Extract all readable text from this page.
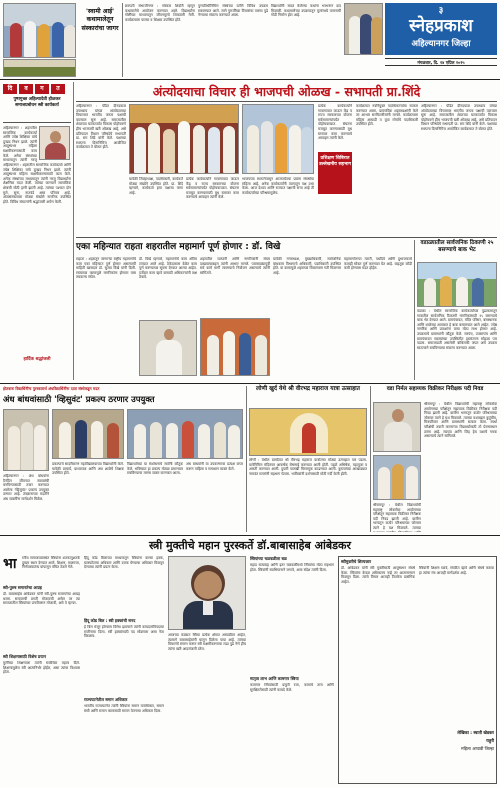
'स्वामी आई' कथामालेतून संस्कारांचा जागर
छत्रपती संभाजीनगर : संस्कार शिदोरी म्हणून कथामालेचे आयोजन करण्यात आले. विद्यार्थ्यांना गोष्टींच्या माध्यमातून जीवनमूल्ये शिकवली गेली. कार्यक्रमाला पालक व शिक्षक उपस्थित होते.
पुण्यतिथीनिमित्त संस्थेच्या वतीने विविध उपक्रम राबवण्यात आले. साने गुरुजींच्या विचारांचा वारसा पुढे नेण्याचा संकल्प करण्यात आला.
विद्यार्थ्यांनी सादर केलेल्या कथांना भरभरून दाद मिळाली. कथामालेच्या उपक्रमातून मुलांमध्ये वाचनाची गोडी निर्माण होत आहे.	३
स्नेहप्रकाश
अहिल्यानगर जिल्हा
मंगळवार, दि. १४ एप्रिल २०२५
दि	व	ग	त
पुष्पगुच्छ अहिल्यादेवी होळकर समाजप्रबोधन स्त्री कार्यकर्ता
अहिल्यानगर : शहरातील सामाजिक कार्यकर्त्या आणि ज्येष्ठ शिक्षिका यांचे दुःखद निधन झाले. त्यांनी आयुष्यभर महिला सक्षमीकरणासाठी काम केले. अनेक संस्थांच्या माध्यमातून त्यांनी गरजू
अहिल्यानगर : शहरातील सामाजिक कार्यकर्त्या आणि ज्येष्ठ शिक्षिका यांचे दुःखद निधन झाले. त्यांनी आयुष्यभर महिला सक्षमीकरणासाठी काम केले. अनेक संस्थांच्या माध्यमातून त्यांनी गरजू विद्यार्थ्यांना शैक्षणिक मदत केली. त्यांच्या जाण्याने सामाजिक क्षेत्राची मोठी हानी झाली आहे. त्यांच्या पश्चात दोन मुले, सुना, नातवंडे असा परिवार आहे. अंत्यसंस्काराला मोठ्या संख्येने नागरिक उपस्थित होते. विविध संघटनांनी श्रद्धांजली अर्पण केली.
हार्दिक श्रद्धांजली
अंत्योदयाचा विचार ही भाजपची ओळख - सभापती प्रा.शिंदे
अहिल्यानगर : पंडित दीनदयाळ उपाध्याय यांच्या अंत्योदयाच्या विचारावर भारतीय जनता पक्षाची वाटचाल सुरू आहे. समाजातील शेवटच्या घटकापर्यंत विकास पोहोचवणे हीच भाजपची खरी ओळख आहे, असे प्रतिपादन विधान परिषदेचे सभापती प्रा. राम शिंदे यांनी केले. पक्षाच्या स्थापना दिनानिमित्त आयोजित कार्यक्रमात ते बोलत होते.
यावेळी जिल्हाध्यक्ष, पदाधिकारी, कार्यकर्ते मोठ्या संख्येने उपस्थित होते. प्रा. शिंदे म्हणाले, कार्यकर्ता हाच पक्षाचा कणा आहे.
प्रत्येक कार्यकर्त्याने गावागावात जाऊन केंद्र व राज्य सरकारच्या योजना सर्वसामान्यांपर्यंत पोहोचवाव्यात. संघटना मजबूत करण्यासाठी बूथ स्तरावर काम करण्याचे आवाहन त्यांनी केले.
भाजपच्या स्थापनेपासून आजपर्यंतचा प्रवास संघर्षाचा राहिला आहे. अनेक कार्यकर्त्यांनी त्यागातून पक्ष उभा केला. आज देशात आणि राज्यात पक्षाची सत्ता आहे ती कार्यकर्त्यांच्या परिश्रमामुळेच.
प्रशिक्षण शिबिरात उल्लेखनीय सहभाग
कार्यक्रमात नवनियुक्त पदाधिकाऱ्यांचा सत्कार करण्यात आला. प्रास्ताविक शहराध्यक्षांनी केले तर आभार सरचिटणीसांनी मानले. कार्यक्रमाला महिला आघाडी व युवा मोर्चाचे पदाधिकारी उपस्थित होते.
अहिल्यानगर : पंडित दीनदयाळ उपाध्याय यांच्या अंत्योदयाच्या विचारावर भारतीय जनता पक्षाची वाटचाल सुरू आहे. समाजातील शेवटच्या घटकापर्यंत विकास पोहोचवणे हीच भाजपची खरी ओळख आहे, असे प्रतिपादन विधान परिषदेचे सभापती प्रा. राम शिंदे यांनी केले. पक्षाच्या स्थापना दिनानिमित्त आयोजित कार्यक्रमात ते बोलत होते.
प्रत्येक कार्यकर्त्याने गावागावात जाऊन केंद्र व राज्य सरकारच्या योजना सर्वसामान्यांपर्यंत पोहोचवाव्यात. संघटना मजबूत करण्यासाठी बूथ स्तरावर काम करण्याचे आवाहन त्यांनी केले.
एका महिन्यात राहता शहरातील महामार्ग पूर्ण होणार : डॉ. विखे
राहाता : शहरातून जाणाऱ्या राष्ट्रीय महामार्गाचे काम एका महिन्यात पूर्ण होणार असल्याची माहिती खासदार डॉ. सुजय विखे यांनी दिली. रस्त्याच्या कामामुळे नागरिकांना होणारा त्रास लवकरच संपेल.
डॉ. विखे म्हणाले, महामार्गाचे काम अंतिम टप्प्यात आले आहे. ठेकेदाराला वेळेत काम पूर्ण करण्याच्या सूचना देण्यात आल्या आहेत. दर्जेदार काम व्हावे यासाठी अधिकाऱ्यांनी लक्ष ठेवावे.
शहरातील व्यापारी आणि नागरिकांनी संयम दाखवल्याबद्दल त्यांनी आभार मानले. पावसाळ्यापूर्वी सर्व कामे मार्गी लावण्याचे नियोजन असल्याचे त्यांनी सांगितले.
यावेळी नगराध्यक्ष, मुख्याधिकारी, सार्वजनिक बांधकाम विभागाचे अधिकारी, पदाधिकारी उपस्थित होते. या कामामुळे शहराच्या विकासाला गती मिळणार आहे.
महामार्गालगत गटारी, पथदिवे आणि दुभाजकाचे कामही सोबत पूर्ण करण्यात येत आहे. वाहतूक कोंडी कमी होण्यास मदत होईल.
वडाळ्यातील सार्वजनिक ठिकाणी २५ बसण्याचे बाक भेट
वडाळा : येथील सामाजिक कार्यकर्त्यांच्या पुढाकारातून गावातील सार्वजनिक ठिकाणी नागरिकांसाठी २५ बसण्याचे बाक भेट देण्यात आले. ग्रामपंचायत, मंदिर परिसर, बसस्थानक आणि शाळेच्या आवारात हे बाक बसवण्यात आले आहेत. ज्येष्ठ नागरिक आणि प्रवाशांना याचा मोठा लाभ होणार आहे. उपक्रमाचे ग्रामस्थांनी कौतुक केले. सरपंच, उपसरपंच आणि ग्रामपंचायत सदस्यांच्या उपस्थितीत हस्तांतरण सोहळा पार पडला. समाजाप्रती असलेली बांधिलकी जपत असे उपक्रम सातत्याने राबविण्याचा संकल्प करण्यात आला.
होतकरू विद्यार्थिनींना पुरस्कारार्थ अंधविद्यार्थिनींना दाता संस्थेकडून मदत
अंध बांधवांसाठी 'व्हिसुवंट' प्रकल्प ठरणार उपयुक्त
अहिल्यानगर : अंध बांधवांना दैनंदिन जीवनात स्वावलंबी बनविण्यासाठी तयार करण्यात आलेला 'व्हिसुवंट' प्रकल्प उपयुक्त ठरणार आहे. तंत्रज्ञानाच्या मदतीने अंध व्यक्तींना मार्गदर्शन मिळेल.
प्रकल्पाचे सादरीकरण महाविद्यालयाच्या विद्यार्थ्यांनी केले. यावेळी प्राचार्य, प्राध्यापक आणि अंध शाळेचे शिक्षक उपस्थित होते.
विद्यार्थ्यांच्या या संशोधनाचे सर्वांनी कौतुक केले. भविष्यात हा प्रकल्प मोठ्या प्रमाणावर राबविण्याचा मानस व्यक्त करण्यात आला.
अंध बांधवांनी या उपकरणाचा प्रत्यक्ष वापर करून पाहिला व समाधान व्यक्त केले.
लोणी खुर्द येथे श्री वीरभद्र महाराज यात्रा उत्साहात
लोणी : येथील ग्रामदैवत श्री वीरभद्र महाराज यात्रोत्सव मोठ्या उत्साहात पार पडला. यात्रेनिमित्त मंदिरावर आकर्षक रोषणाई करण्यात आली होती. पहाटे अभिषेक, महापूजा व आरती करण्यात आली. दुपारी पालखी मिरवणूक काढण्यात आली. कुस्त्यांच्या आखाड्यात नामवंत मल्लांनी सहभाग घेतला. भाविकांनी दर्शनासाठी मोठी गर्दी केली होती.
वडा निर्मल सहाय्यक विक्रीकर निरीक्षक पदी निवड
श्रीरामपूर : येथील विद्यार्थ्याची महाराष्ट्र लोकसेवा आयोगाच्या परीक्षेतून सहाय्यक विक्रीकर निरीक्षक पदी निवड झाली आहे. ग्रामीण भागातून कठोर परिश्रमाच्या जोरावर त्याने हे यश मिळवले. त्याच्या यशाबद्दल कुटुंबीय, मित्रपरिवार आणि ग्रामस्थांनी सत्कार केला. स्पर्धा परीक्षेची तयारी करणाऱ्या विद्यार्थ्यांसाठी तो प्रेरणास्थान ठरला आहे. सातत्य आणि जिद्द हेच यशाचे गमक असल्याचे त्याने सांगितले.
श्रीरामपूर : येथील विद्यार्थ्याची महाराष्ट्र लोकसेवा आयोगाच्या परीक्षेतून सहाय्यक विक्रीकर निरीक्षक पदी निवड झाली आहे. ग्रामीण भागातून कठोर परिश्रमाच्या जोरावर त्याने हे यश मिळवले. त्याच्या
स्त्री मुक्तीचे महान पुरस्कर्ते डॉ.बाबासाहेब आंबेडकर
भा	रतीय समाजव्यवस्थेत स्त्रियांना शतकानुशतके दुय्यम स्थान देण्यात आले. शिक्षण, मालमत्ता, निर्णयस्वातंत्र्य यांपासून वंचित ठेवले गेले.
स्त्री-पुरुष समानतेचा आग्रह
डॉ. बाबासाहेब आंबेडकर यांनी स्त्री-पुरुष समानतेचा आग्रह धरला. समाजाची प्रगती मोजायची असेल तर त्या समाजातील स्त्रियांच्या प्रगतीवरून मोजावी, असे ते म्हणत.
स्त्री शिक्षणासाठी विशेष प्रयत्न
मुलींच्या शिक्षणाला त्यांनी सर्वाधिक महत्त्व दिले. शिक्षणामुळेच स्त्री आत्मनिर्भर होईल, असा त्यांचा विश्वास होता.
हिंदू कोड बिलाच्या माध्यमातून स्त्रियांना वारसा हक्क, घटस्फोटाचा अधिकार आणि दत्तक घेण्याचा अधिकार मिळवून देण्याचा त्यांनी प्रयत्न केला.
हिंदू कोड बिल : स्त्री हक्कांची सनद
हे बिल मंजूर होण्यास विरोध झाल्याने त्यांनी कायदामंत्रिपदाचा राजीनामा दिला. स्त्री हक्कांसाठी पद सोडणारा असा नेता विरळाच.
राज्यघटनेतील समान अधिकार
भारतीय राज्यघटनेत त्यांनी स्त्रियांना समान मताधिकार, समान संधी आणि समान कामासाठी समान वेतनाचा अधिकार दिला.
आजच्या काळात स्त्रिया प्रत्येक क्षेत्रात आघाडीवर आहेत, त्यामागे बाबासाहेबांनी घालून दिलेला पाया आहे. त्यांच्या विचारांचे स्मरण करून स्त्री सक्षमीकरणाचा लढा पुढे नेणे हीच त्यांना खरी आदरांजली ठरेल.
स्त्रियांच्या चळवळीला बळ
महाड सत्याग्रह आणि इतर चळवळींमध्ये स्त्रियांचा मोठा सहभाग होता. स्त्रियांनी स्वाभिमानाने जगावे, असा संदेश त्यांनी दिला.
मातृत्व लाभ आणि कामगार स्त्रिया
कामगार स्त्रियांसाठी प्रसूती रजा, कामाचे तास आणि सुरक्षिततेसाठी त्यांनी कायदे केले.
स्त्रीमुक्तीचे शिल्पकार
डॉ. आंबेडकर यांनी स्त्री मुक्तीसाठी आयुष्यभर संघर्ष केला. स्त्रियांना केवळ अधिकारच नव्हे तर आत्मसन्मान मिळवून दिला. त्यांचे विचार आजही तितकेच प्रासंगिक आहेत.
स्त्रियांनी शिक्षण घ्यावे, संघटित व्हावे आणि संघर्ष करावा हा त्यांचा मंत्र आजही मार्गदर्शक आहे.
लेखिका : स्वाती खेडकर
राहुरी
महिला आघाडी जिल्हा
